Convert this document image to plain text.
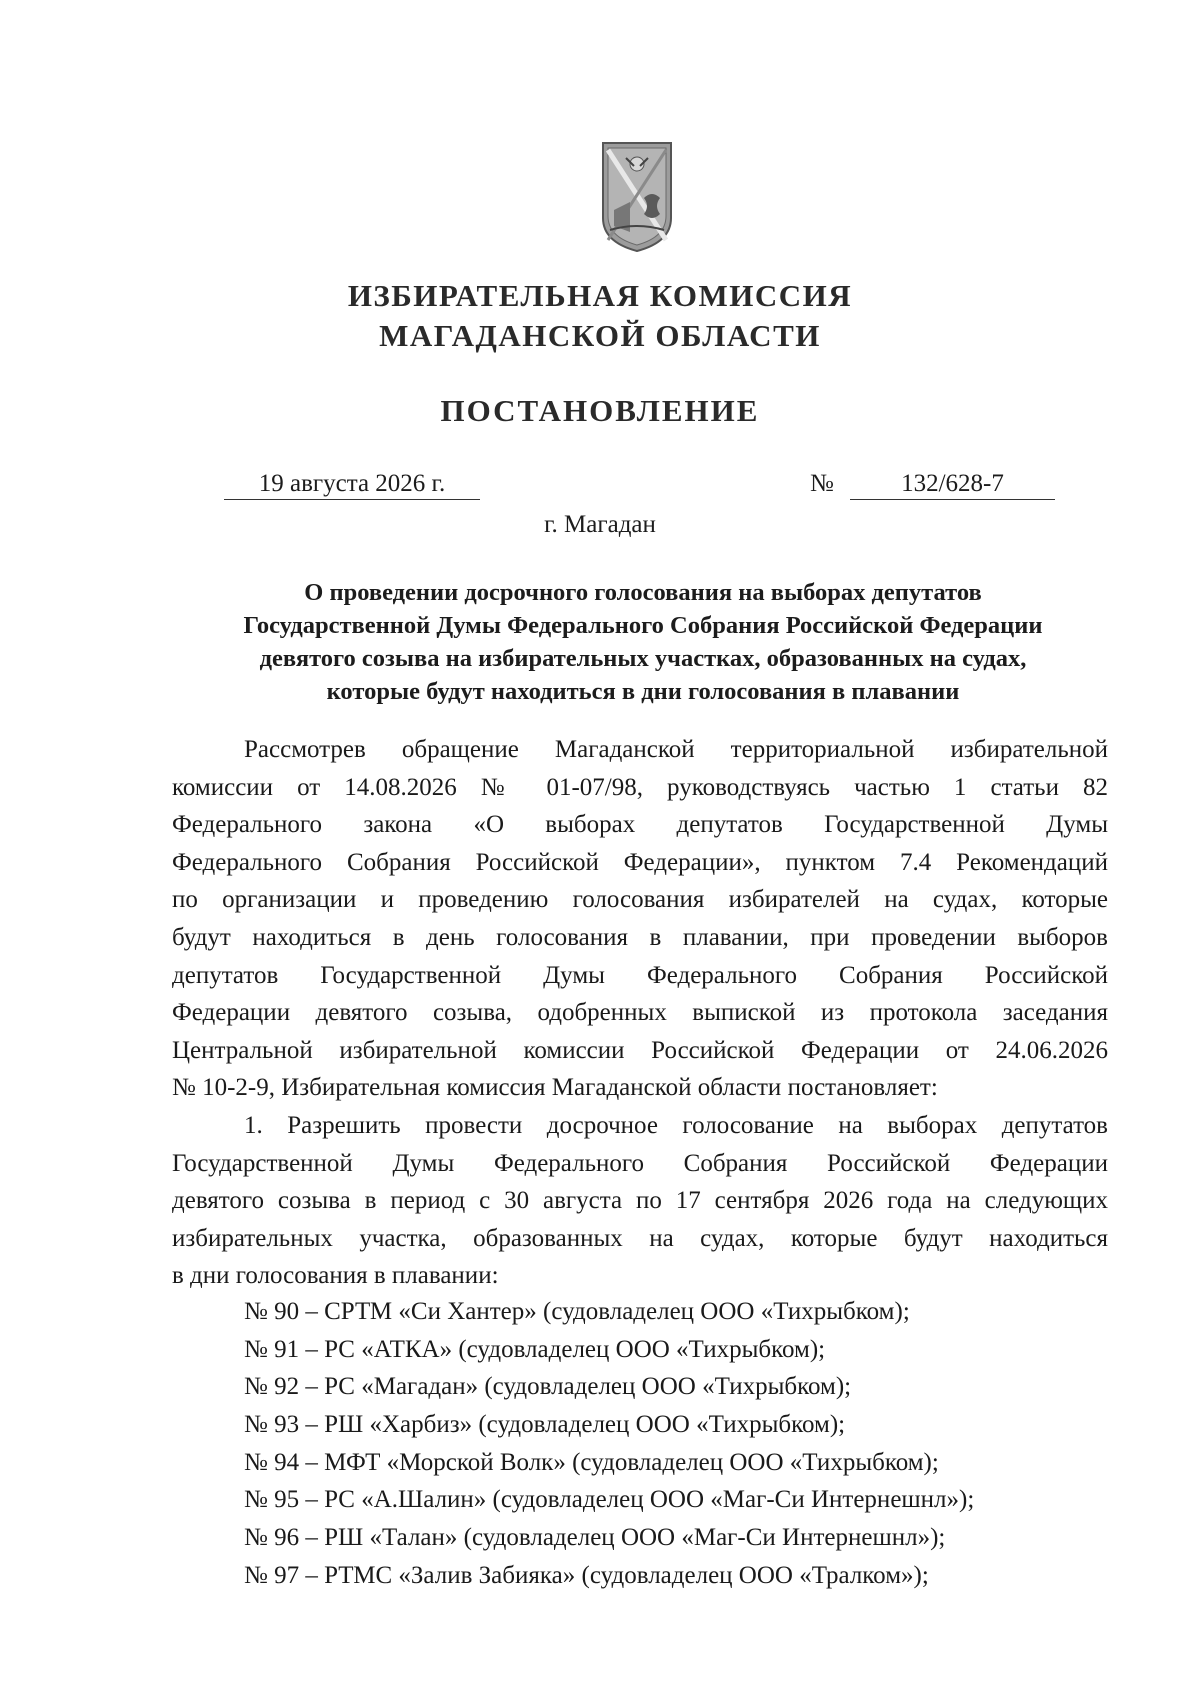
ИЗБИРАТЕЛЬНАЯ КОМИССИЯ
МАГАДАНСКОЙ ОБЛАСТИ
ПОСТАНОВЛЕНИЕ
19 августа 2026 г.	№	132/628-7
г. Магадан
О проведении досрочного голосования на выборах депутатов
Государственной Думы Федерального Собрания Российской Федерации
девятого созыва на избирательных участках, образованных на судах,
которые будут находиться в дни голосования в плавании
Рассмотрев обращение Магаданской территориальной избирательной
комиссии от 14.08.2026 № 01-07/98, руководствуясь частью 1 статьи 82
Федерального закона «О выборах депутатов Государственной Думы
Федерального Собрания Российской Федерации», пунктом 7.4 Рекомендаций
по организации и проведению голосования избирателей на судах, которые
будут находиться в день голосования в плавании, при проведении выборов
депутатов Государственной Думы Федерального Собрания Российской
Федерации девятого созыва, одобренных выпиской из протокола заседания
Центральной избирательной комиссии Российской Федерации от 24.06.2026
№ 10-2-9, Избирательная комиссия Магаданской области постановляет:
1. Разрешить провести досрочное голосование на выборах депутатов
Государственной Думы Федерального Собрания Российской Федерации
девятого созыва в период с 30 августа по 17 сентября 2026 года на следующих
избирательных участка, образованных на судах, которые будут находиться
в дни голосования в плавании:
№ 90 – СРТМ «Си Хантер» (судовладелец ООО «Тихрыбком);
№ 91 – РС «АТКА» (судовладелец ООО «Тихрыбком);
№ 92 – РС «Магадан» (судовладелец ООО «Тихрыбком);
№ 93 – РШ «Харбиз» (судовладелец ООО «Тихрыбком);
№ 94 – МФТ «Морской Волк» (судовладелец ООО «Тихрыбком);
№ 95 – РС «А.Шалин» (судовладелец ООО «Маг-Си Интернешнл»);
№ 96 – РШ «Талан» (судовладелец ООО «Маг-Си Интернешнл»);
№ 97 – РТМС «Залив Забияка» (судовладелец ООО «Тралком»);
